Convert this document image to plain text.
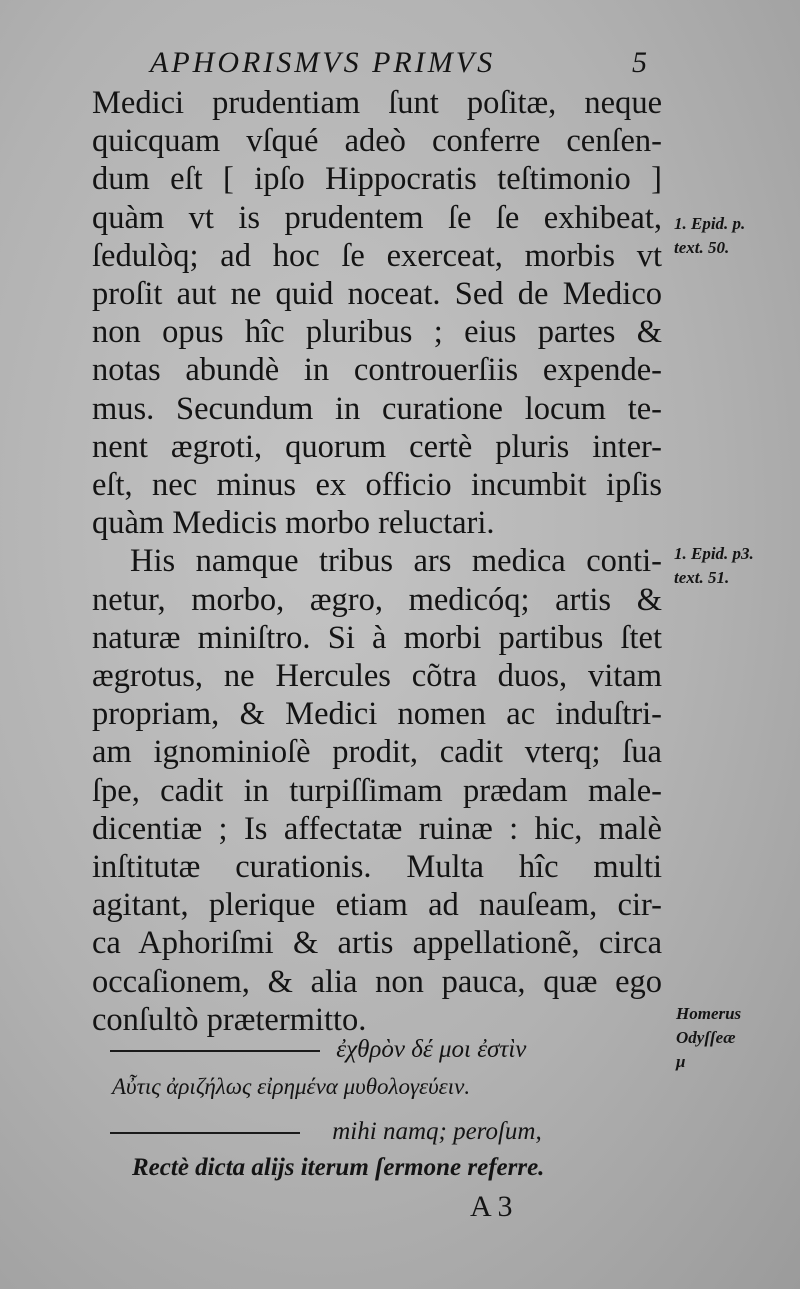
APHORISMVS PRIMVS	5
Medici prudentiam ſunt poſitæ, neque
quicquam vſqué adeò conferre cenſen-
dum eſt [ ipſo Hippocratis teſtimonio ]
quàm vt is prudentem ſe ſe exhibeat,
ſedulòq; ad hoc ſe exerceat, morbis vt
proſit aut ne quid noceat. Sed de Medico
non opus hîc pluribus ; eius partes &
notas abundè in controuerſiis expende-
mus. Secundum in curatione locum te-
nent ægroti, quorum certè pluris inter-
eſt, nec minus ex officio incumbit ipſis
quàm Medicis morbo reluctari.
His namque tribus ars medica conti-
netur, morbo, ægro, medicóq; artis &
naturæ miniſtro. Si à morbi partibus ſtet
ægrotus, ne Hercules cõtra duos, vitam
propriam, & Medici nomen ac induſtri-
am ignominioſè prodit, cadit vterq; ſua
ſpe, cadit in turpiſſimam prædam male-
dicentiæ ; Is affectatæ ruinæ : hic, malè
inſtitutæ curationis. Multa hîc multi
agitant, plerique etiam ad nauſeam, cir-
ca Aphoriſmi & artis appellationẽ, circa
occaſionem, & alia non pauca, quæ ego
conſultò prætermitto.
1. Epid. p.
text. 50.
1. Epid. p3.
text. 51.
Homerus
Odyſſeæ
μ
ἐχθρὸν δέ μοι ἐστὶν
Αὖτις ἀριζήλως εἰρημένα μυθολογεύειν.
mihi namq; peroſum,
Rectè dicta alijs iterum ſermone referre.
A 3
